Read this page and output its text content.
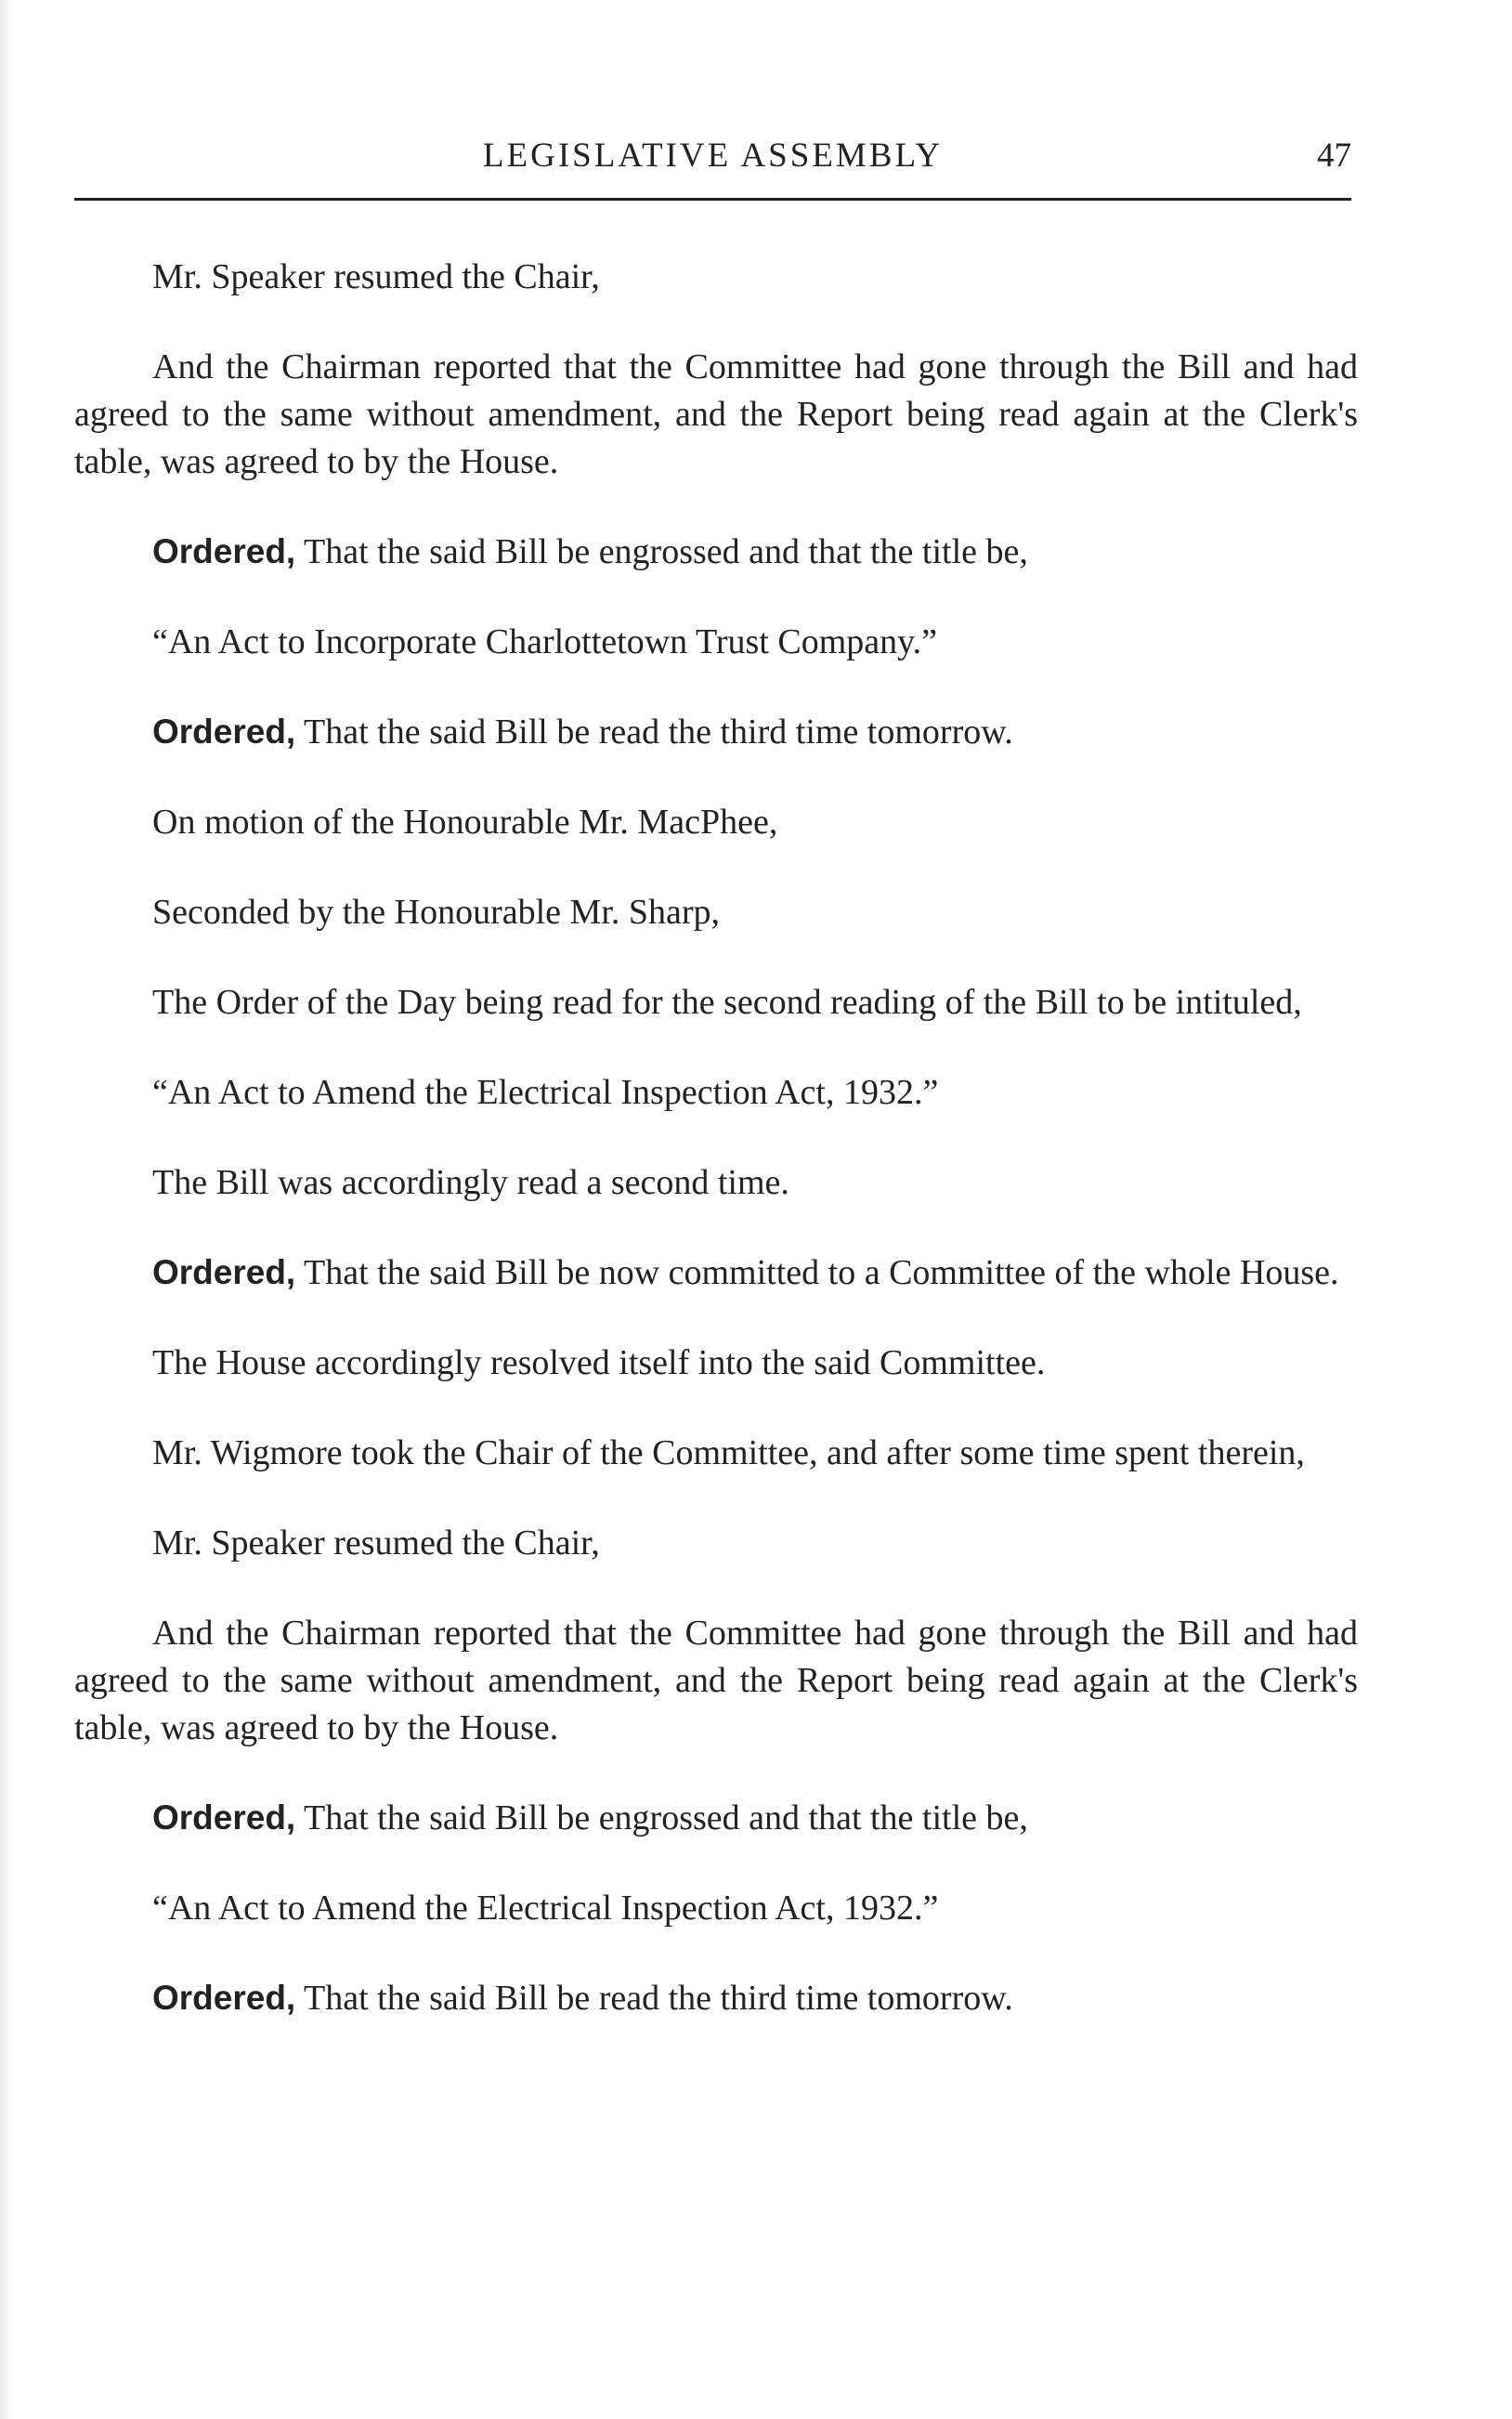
LEGISLATIVE ASSEMBLY	47

Mr. Speaker resumed the Chair,

And the Chairman reported that the Committee had gone through the Bill and had agreed to the same without amendment, and the Report being read again at the Clerk's table, was agreed to by the House.

Ordered, That the said Bill be engrossed and that the title be,

“An Act to Incorporate Charlottetown Trust Company.”

Ordered, That the said Bill be read the third time tomorrow.

On motion of the Honourable Mr. MacPhee,

Seconded by the Honourable Mr. Sharp,

The Order of the Day being read for the second reading of the Bill to be intituled,

“An Act to Amend the Electrical Inspection Act, 1932.”

The Bill was accordingly read a second time.

Ordered, That the said Bill be now committed to a Committee of the whole House.

The House accordingly resolved itself into the said Committee.

Mr. Wigmore took the Chair of the Committee, and after some time spent therein,

Mr. Speaker resumed the Chair,

And the Chairman reported that the Committee had gone through the Bill and had agreed to the same without amendment, and the Report being read again at the Clerk's table, was agreed to by the House.

Ordered, That the said Bill be engrossed and that the title be,

“An Act to Amend the Electrical Inspection Act, 1932.”

Ordered, That the said Bill be read the third time tomorrow.
